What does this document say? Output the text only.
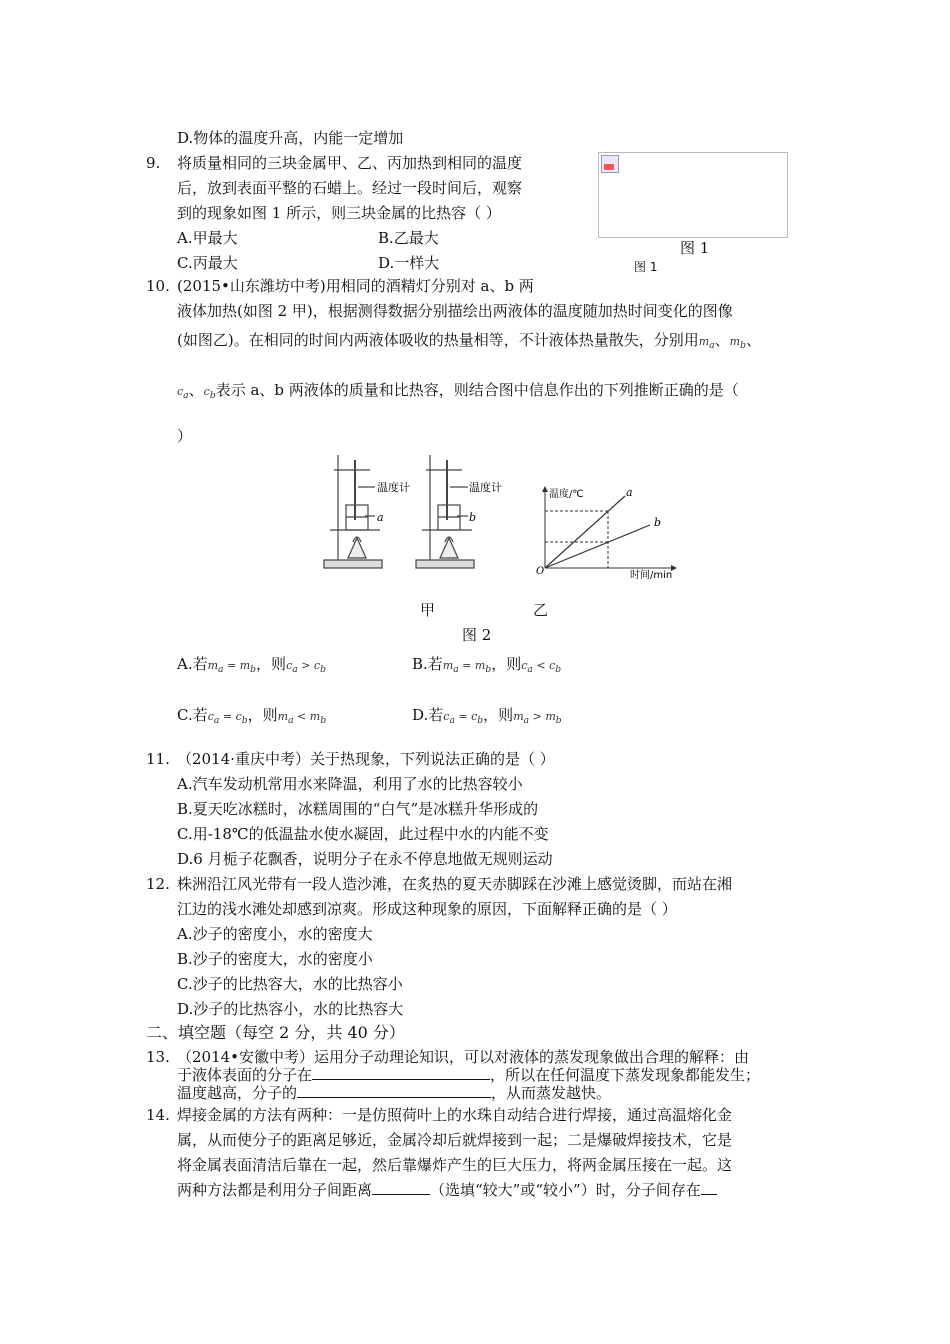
D.物体的温度升高，内能一定增加
9. 将质量相同的三块金属甲、乙、丙加热到相同的温度
后，放到表面平整的石蜡上。经过一段时间后，观察
到的现象如图 1 所示，则三块金属的比热容（ ）
A.甲最大	B.乙最大
C.丙最大	D.一样大
图 1
图 1
10. (2015•山东潍坊中考)用相同的酒精灯分别对 a、b 两
液体加热(如图 2 甲)，根据测得数据分别描绘出两液体的温度随加热时间变化的图像
(如图乙)。在相同的时间内两液体吸收的热量相等，不计液体热量散失，分别用$m_a$、$m_b$、
$c_a$、$c_b$表示 a、b 两液体的质量和比热容，则结合图中信息作出的下列推断正确的是（
）
温度计	温度计
a	b
温度/℃
时间/min
O
a
b
甲	乙
图 2
A.若$m_a = m_b$，则$c_a > c_b$	B.若$m_a = m_b$，则$c_a < c_b$
C.若$c_a = c_b$，则$m_a < m_b$	D.若$c_a = c_b$，则$m_a > m_b$
11. （2014·重庆中考）关于热现象，下列说法正确的是（ ）
A.汽车发动机常用水来降温，利用了水的比热容较小
B.夏天吃冰糕时，冰糕周围的“白气”是冰糕升华形成的
C.用-18℃的低温盐水使水凝固，此过程中水的内能不变
D.6 月栀子花飘香，说明分子在永不停息地做无规则运动
12. 株洲沿江风光带有一段人造沙滩，在炙热的夏天赤脚踩在沙滩上感觉烫脚，而站在湘
江边的浅水滩处却感到凉爽。形成这种现象的原因，下面解释正确的是（ ）
A.沙子的密度小，水的密度大
B.沙子的密度大，水的密度小
C.沙子的比热容大，水的比热容小
D.沙子的比热容小，水的比热容大
二、填空题（每空 2 分，共 40 分）
13. （2014•安徽中考）运用分子动理论知识，可以对液体的蒸发现象做出合理的解释：由
于液体表面的分子在	，所以在任何温度下蒸发现象都能发生；
温度越高，分子的	，从而蒸发越快。
14. 焊接金属的方法有两种：一是仿照荷叶上的水珠自动结合进行焊接，通过高温熔化金
属，从而使分子的距离足够近，金属冷却后就焊接到一起；二是爆破焊接技术，它是
将金属表面清洁后靠在一起，然后靠爆炸产生的巨大压力，将两金属压接在一起。这
两种方法都是利用分子间距离	（选填“较大”或“较小”）时，分子间存在
